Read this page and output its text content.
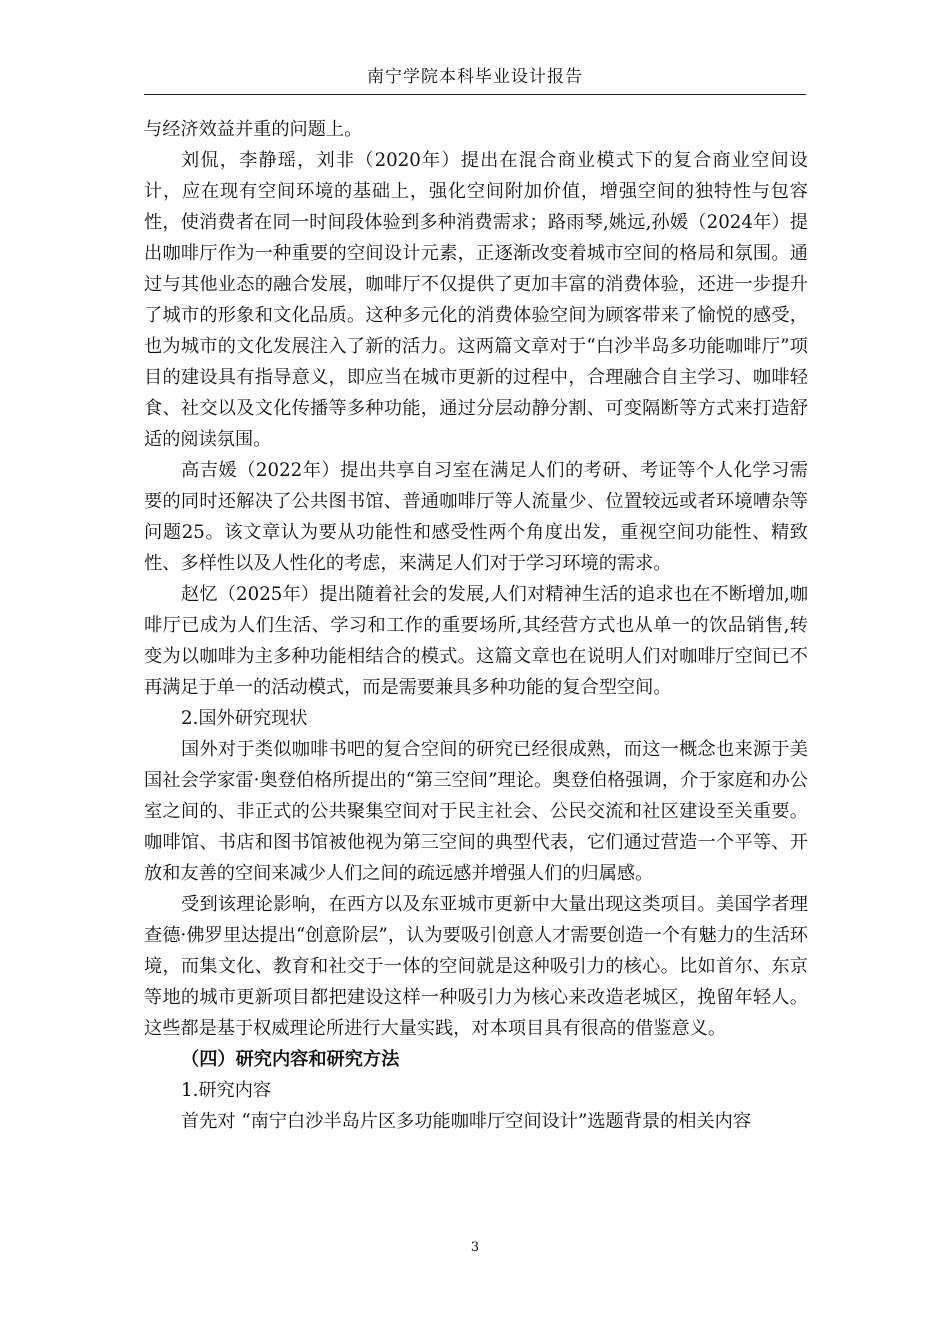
南宁学院本科毕业设计报告

与经济效益并重的问题上。

刘侃，李静瑶，刘非（2020年）提出在混合商业模式下的复合商业空间设计，应在现有空间环境的基础上，强化空间附加价值，增强空间的独特性与包容性，使消费者在同一时间段体验到多种消费需求；路雨琴,姚远,孙媛（2024年）提出咖啡厅作为一种重要的空间设计元素，正逐渐改变着城市空间的格局和氛围。通过与其他业态的融合发展，咖啡厅不仅提供了更加丰富的消费体验，还进一步提升了城市的形象和文化品质。这种多元化的消费体验空间为顾客带来了愉悦的感受，也为城市的文化发展注入了新的活力。这两篇文章对于“白沙半岛多功能咖啡厅”项目的建设具有指导意义，即应当在城市更新的过程中，合理融合自主学习、咖啡轻食、社交以及文化传播等多种功能，通过分层动静分割、可变隔断等方式来打造舒适的阅读氛围。

高吉媛（2022年）提出共享自习室在满足人们的考研、考证等个人化学习需要的同时还解决了公共图书馆、普通咖啡厅等人流量少、位置较远或者环境嘈杂等问题25。该文章认为要从功能性和感受性两个角度出发，重视空间功能性、精致性、多样性以及人性化的考虑，来满足人们对于学习环境的需求。

赵忆（2025年）提出随着社会的发展,人们对精神生活的追求也在不断增加,咖啡厅已成为人们生活、学习和工作的重要场所,其经营方式也从单一的饮品销售,转变为以咖啡为主多种功能相结合的模式。这篇文章也在说明人们对咖啡厅空间已不再满足于单一的活动模式，而是需要兼具多种功能的复合型空间。

2.国外研究现状

国外对于类似咖啡书吧的复合空间的研究已经很成熟，而这一概念也来源于美国社会学家雷·奥登伯格所提出的“第三空间”理论。奥登伯格强调，介于家庭和办公室之间的、非正式的公共聚集空间对于民主社会、公民交流和社区建设至关重要。咖啡馆、书店和图书馆被他视为第三空间的典型代表，它们通过营造一个平等、开放和友善的空间来减少人们之间的疏远感并增强人们的归属感。

受到该理论影响，在西方以及东亚城市更新中大量出现这类项目。美国学者理查德·佛罗里达提出“创意阶层”，认为要吸引创意人才需要创造一个有魅力的生活环境，而集文化、教育和社交于一体的空间就是这种吸引力的核心。比如首尔、东京等地的城市更新项目都把建设这样一种吸引力为核心来改造老城区，挽留年轻人。这些都是基于权威理论所进行大量实践，对本项目具有很高的借鉴意义。

（四）研究内容和研究方法

1.研究内容

首先对 “南宁白沙半岛片区多功能咖啡厅空间设计”选题背景的相关内容

3
